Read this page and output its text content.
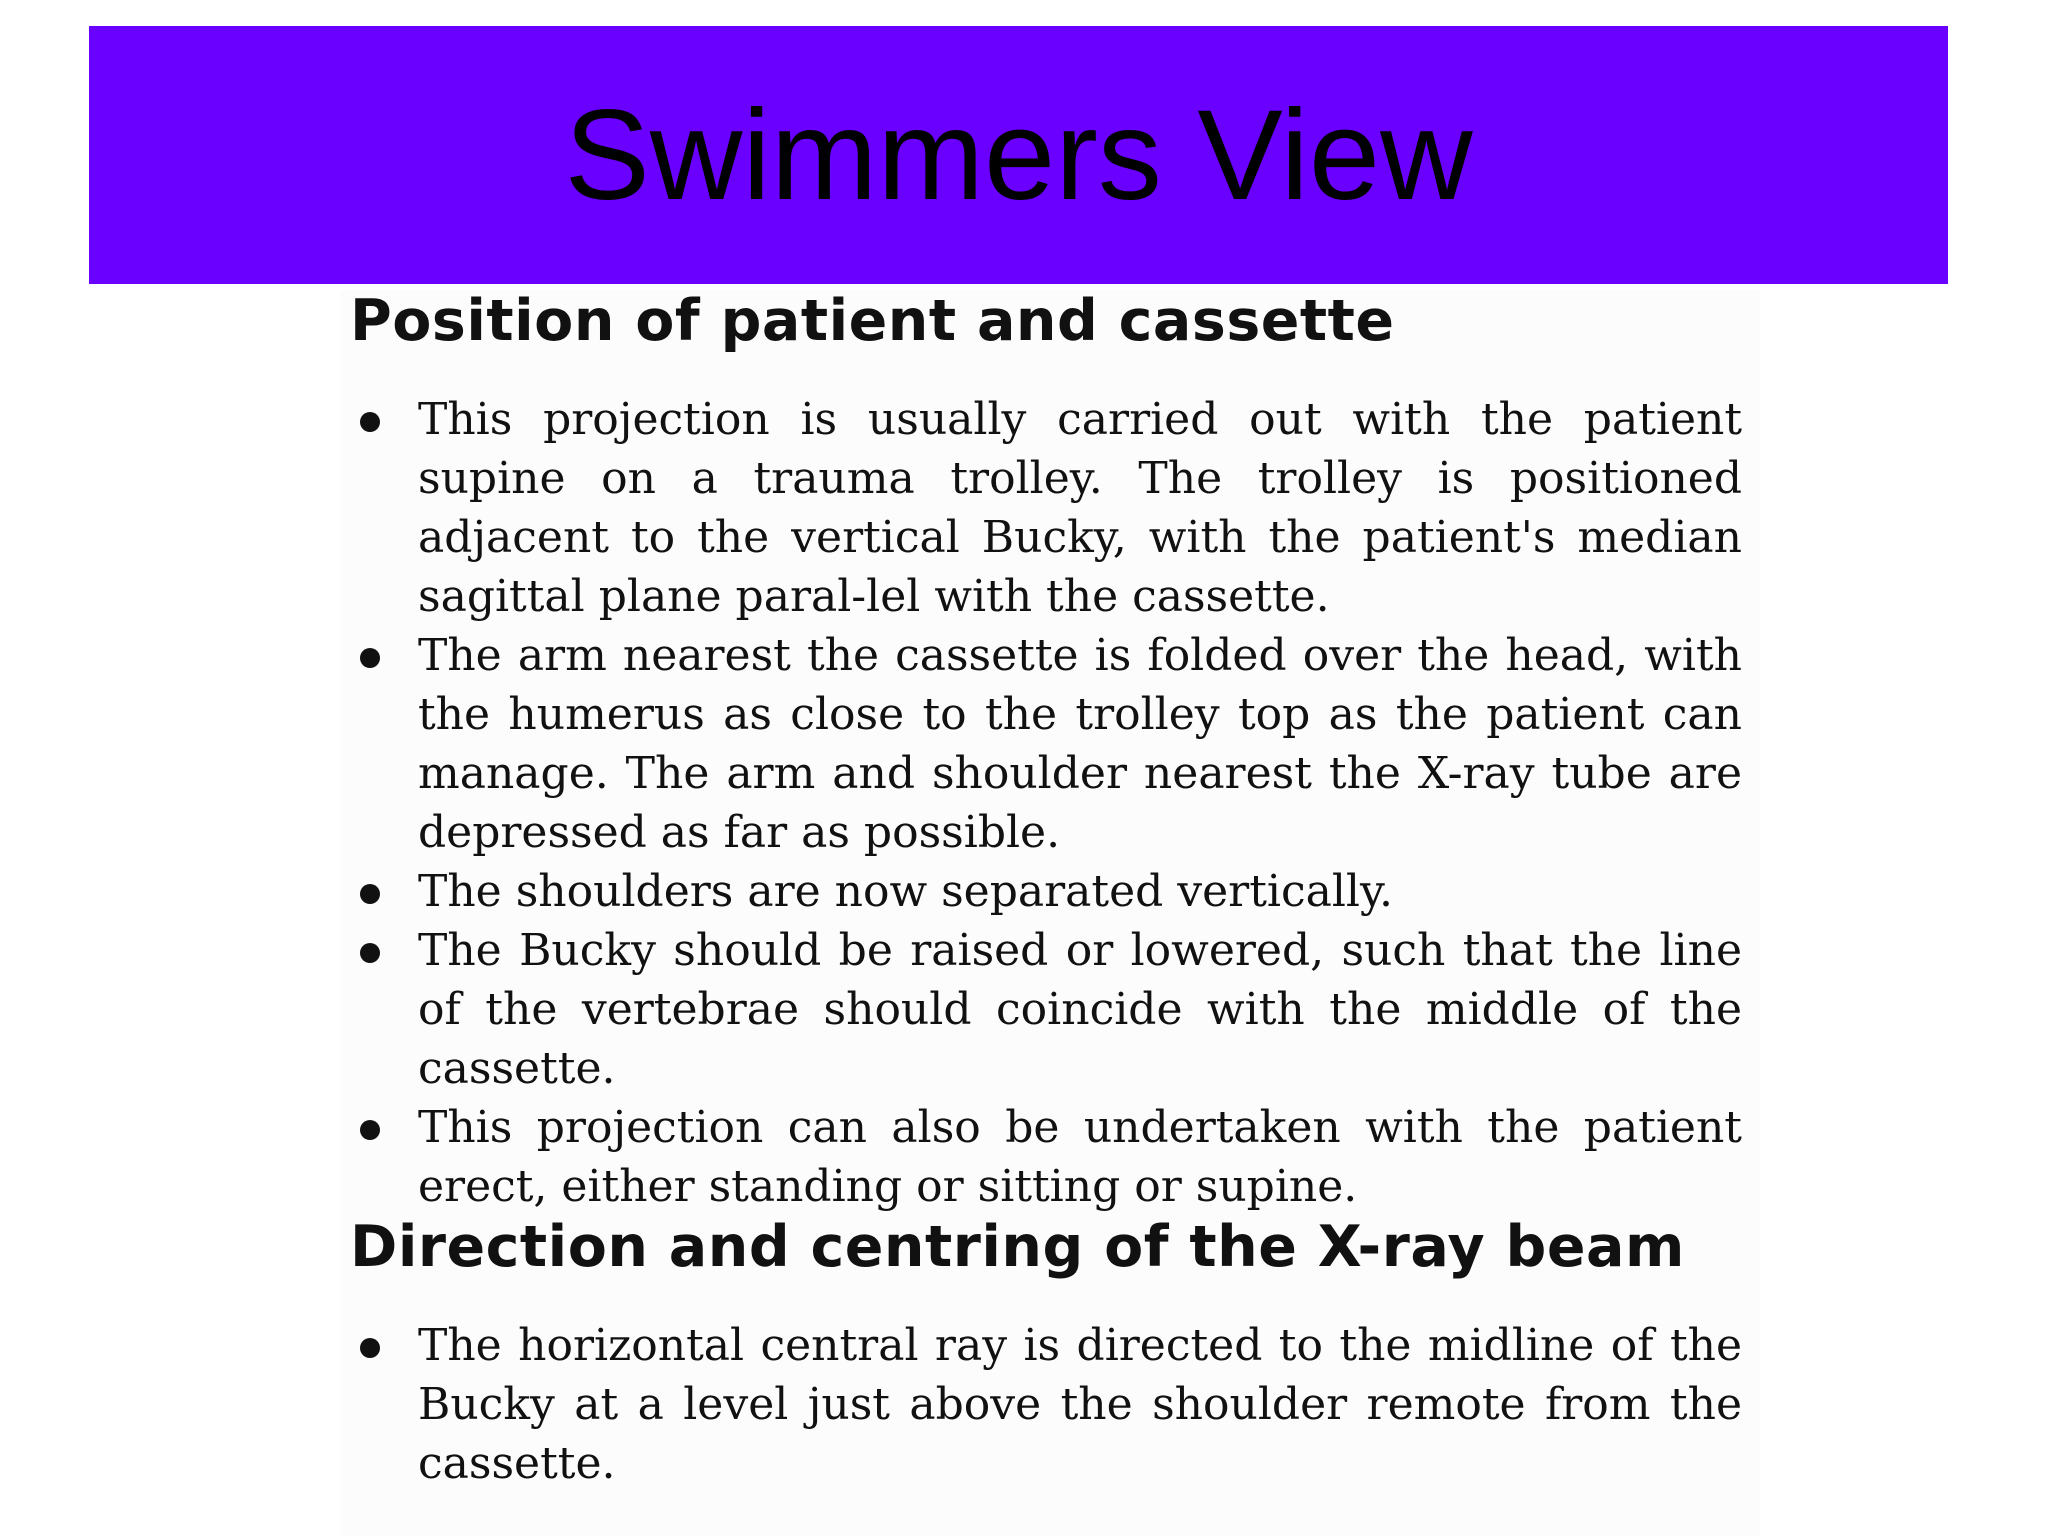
Swimmers View
Position of patient and cassette
This projection is usually carried out with the patient supine on a trauma trolley. The trolley is positioned adjacent to the vertical Bucky, with the patient's median sagittal plane paral-lel with the cassette.
The arm nearest the cassette is folded over the head, with the humerus as close to the trolley top as the patient can manage. The arm and shoulder nearest the X-ray tube are depressed as far as possible.
The shoulders are now separated vertically.
The Bucky should be raised or lowered, such that the line of the vertebrae should coincide with the middle of the cassette.
This projection can also be undertaken with the patient erect, either standing or sitting or supine.
Direction and centring of the X-ray beam
The horizontal central ray is directed to the midline of the Bucky at a level just above the shoulder remote from the cassette.
